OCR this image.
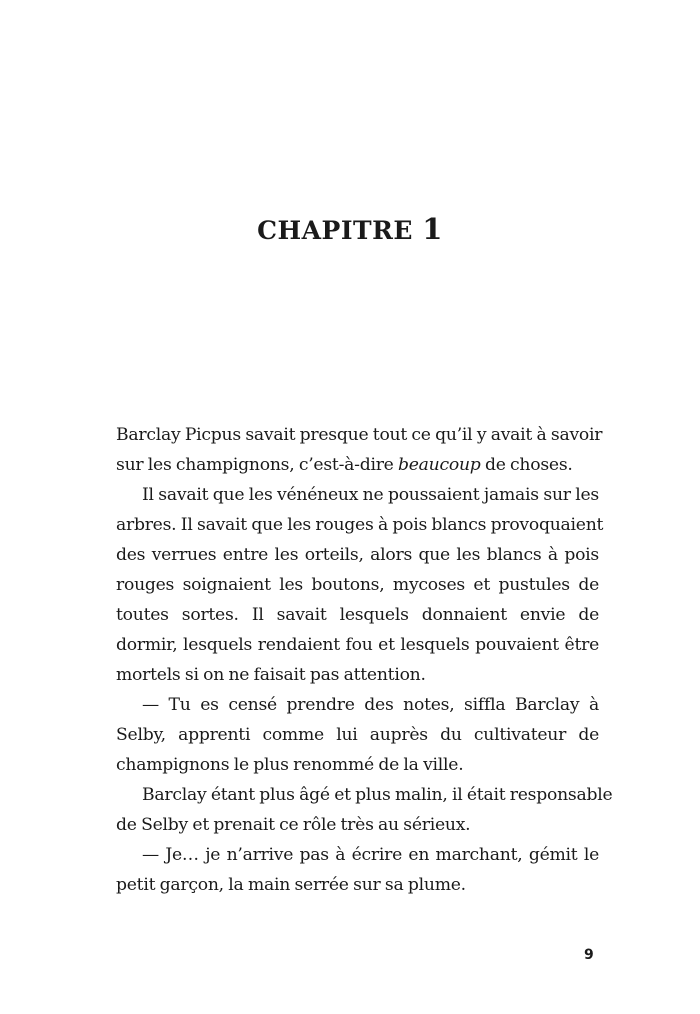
CHAPITRE 1

Barclay Picpus savait presque tout ce qu’il y avait à savoir
sur les champignons, c’est-à-dire beaucoup de choses.

Il savait que les vénéneux ne poussaient jamais sur les
arbres. Il savait que les rouges à pois blancs provoquaient
des verrues entre les orteils, alors que les blancs à pois
rouges soignaient les boutons, mycoses et pustules de
toutes sortes. Il savait lesquels donnaient envie de
dormir, lesquels rendaient fou et lesquels pouvaient être
mortels si on ne faisait pas attention.

— Tu es censé prendre des notes, siffla Barclay à
Selby, apprenti comme lui auprès du cultivateur de
champignons le plus renommé de la ville.

Barclay étant plus âgé et plus malin, il était responsable
de Selby et prenait ce rôle très au sérieux.

— Je… je n’arrive pas à écrire en marchant, gémit le
petit garçon, la main serrée sur sa plume.

9
